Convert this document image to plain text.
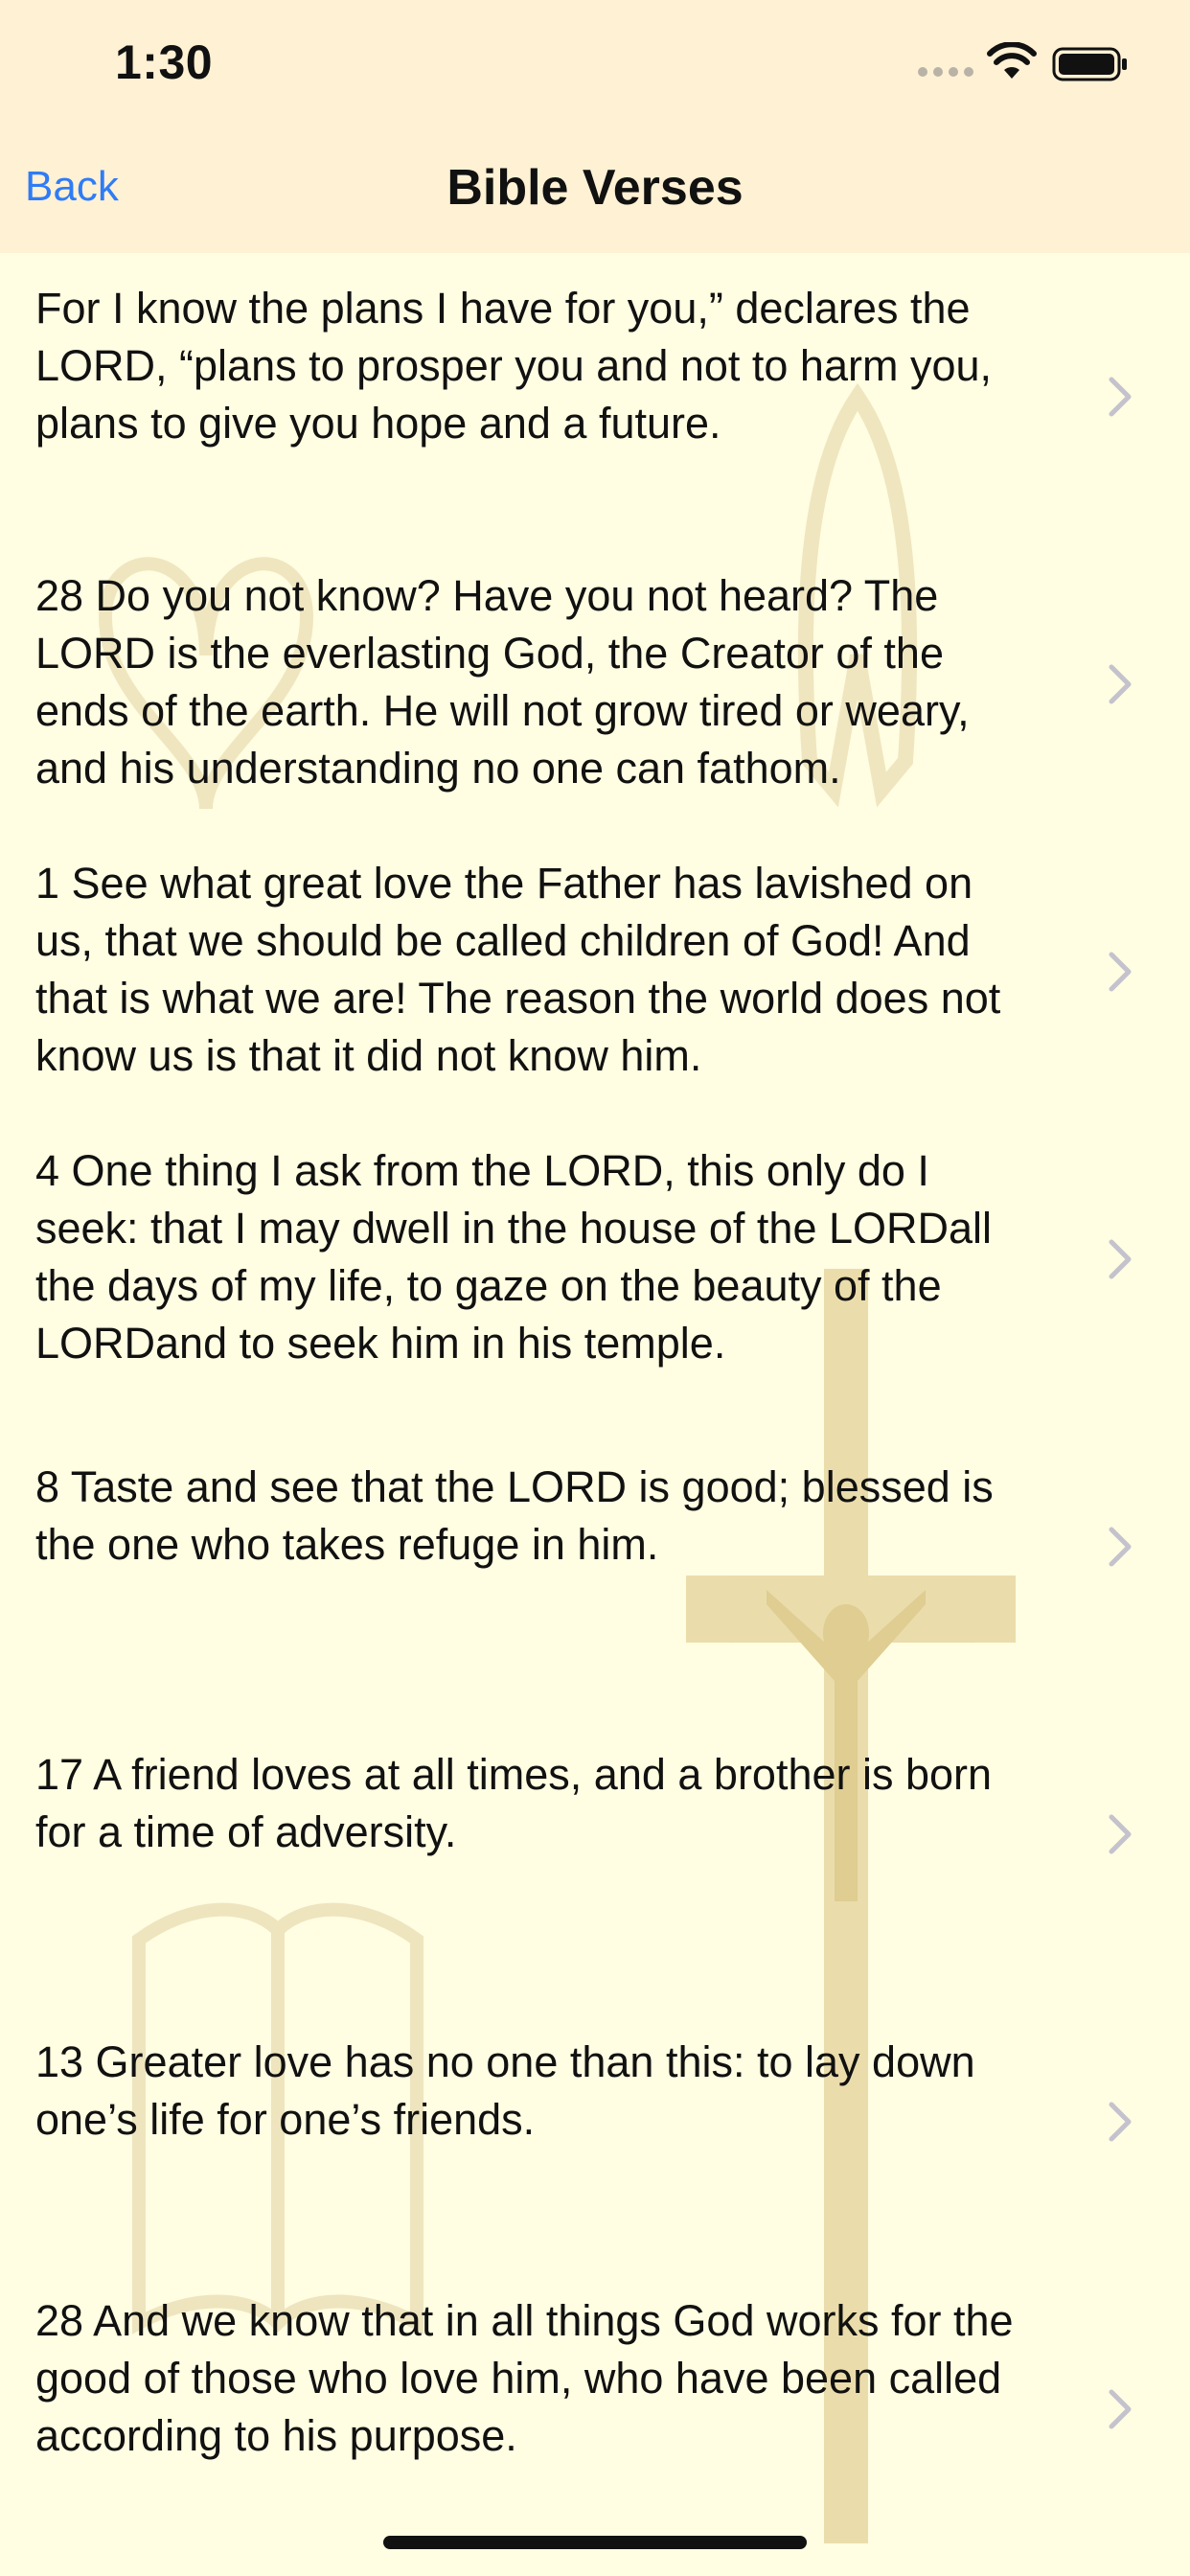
1:30
Back	Bible Verses
For I know the plans I have for you,” declares the LORD, “plans to prosper you and not to harm you, plans to give you hope and a future.
28 Do you not know? Have you not heard? The LORD is the everlasting God, the Creator of the ends of the earth. He will not grow tired or weary, and his understanding no one can fathom.
1 See what great love the Father has lavished on us, that we should be called children of God! And that is what we are! The reason the world does not know us is that it did not know him.
4 One thing I ask from the LORD, this only do I seek: that I may dwell in the house of the LORDall the days of my life, to gaze on the beauty of the LORDand to seek him in his temple.
8 Taste and see that the LORD is good; blessed is the one who takes refuge in him.
17 A friend loves at all times, and a brother is born for a time of adversity.
13 Greater love has no one than this: to lay down one’s life for one’s friends.
28 And we know that in all things God works for the good of those who love him, who have been called according to his purpose.
